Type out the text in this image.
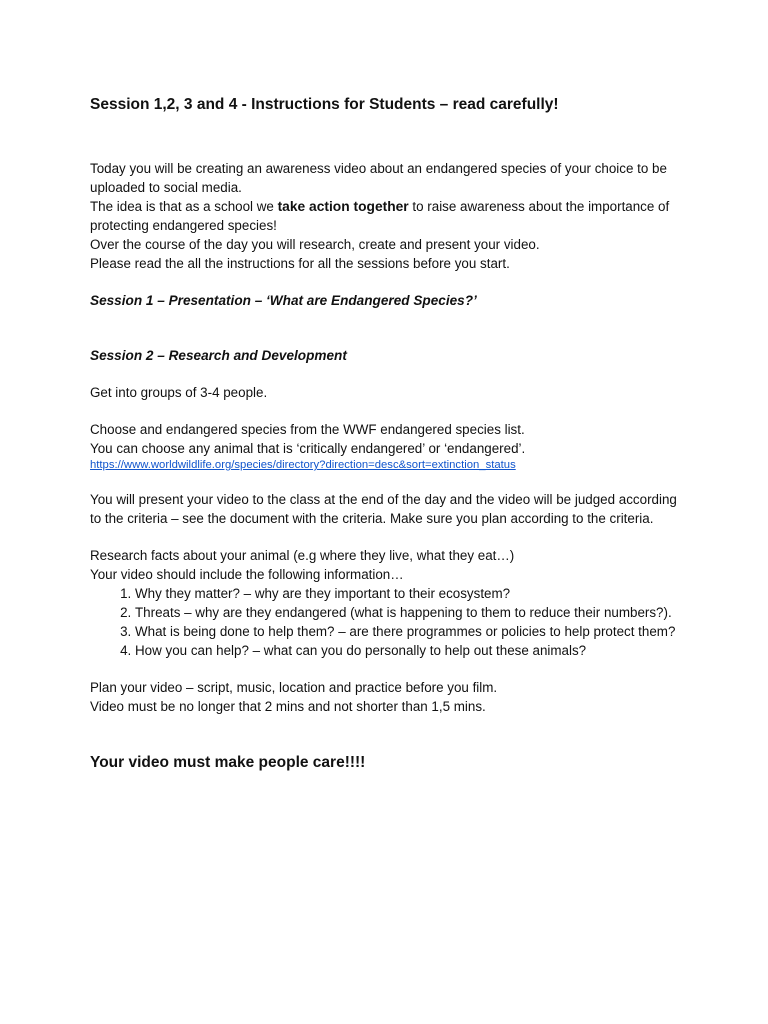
Session 1,2, 3 and 4 - Instructions for Students – read carefully!

Today you will be creating an awareness video about an endangered species of your choice to be uploaded to social media.

The idea is that as a school we take action together to raise awareness about the importance of protecting endangered species!

Over the course of the day you will research, create and present your video.

Please read the all the instructions for all the sessions before you start.

Session 1 – Presentation – ‘What are Endangered Species?’

Session 2 – Research and Development

Get into groups of 3-4 people.

Choose and endangered species from the WWF endangered species list.

You can choose any animal that is ‘critically endangered’ or ‘endangered’.

https://www.worldwildlife.org/species/directory?direction=desc&sort=extinction_status

You will present your video to the class at the end of the day and the video will be judged according to the criteria – see the document with the criteria. Make sure you plan according to the criteria.

Research facts about your animal (e.g where they live, what they eat…)

Your video should include the following information…

1. Why they matter? – why are they important to their ecosystem?
2. Threats – why are they endangered (what is happening to them to reduce their numbers?).
3. What is being done to help them? – are there programmes or policies to help protect them?
4. How you can help? – what can you do personally to help out these animals?

Plan your video – script, music, location and practice before you film.

Video must be no longer that 2 mins and not shorter than 1,5 mins.

Your video must make people care!!!!
